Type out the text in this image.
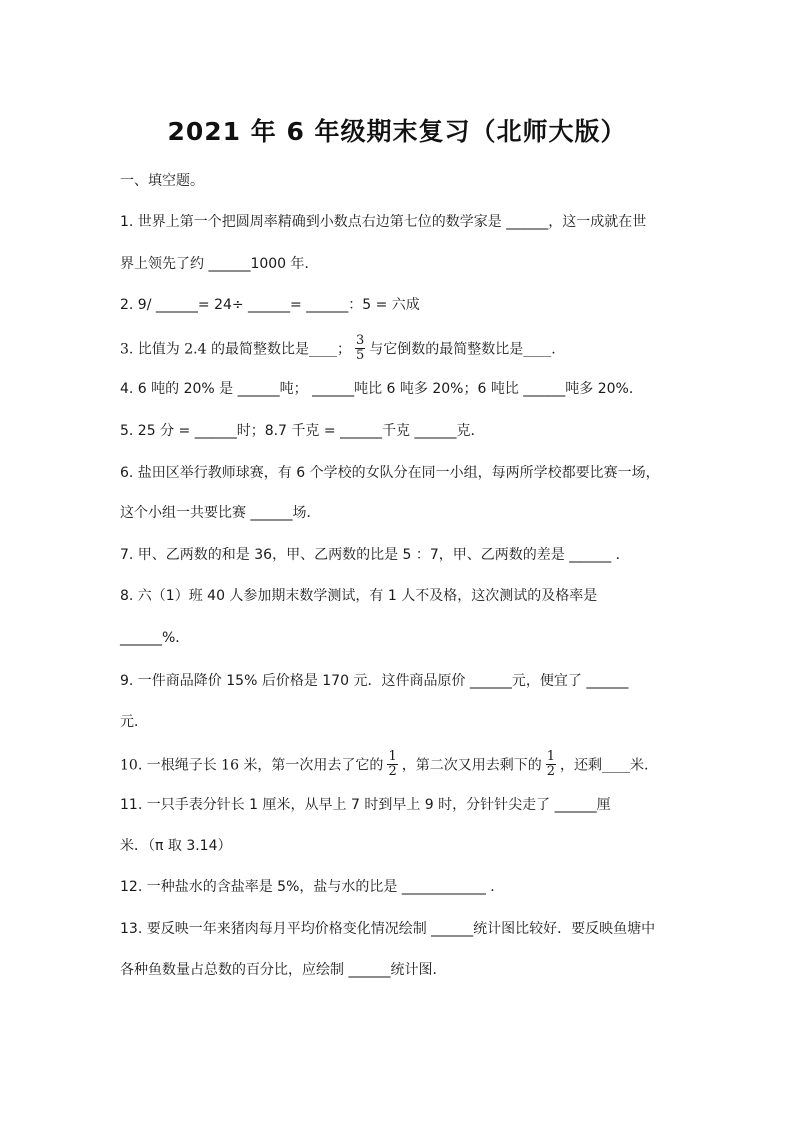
2021 年 6 年级期末复习（北师大版）
一、填空题。
1. 世界上第一个把圆周率精确到小数点右边第七位的数学家是 ______，这一成就在世
界上领先了约 ______1000 年．
2. 9/ ______= 24÷ ______= ______：5 = 六成
3. 比值为 2.4 的最简整数比是____； $\frac{3}{5}$ 与它倒数的最简整数比是____.
4. 6 吨的 20% 是 ______吨； ______吨比 6 吨多 20%；6 吨比 ______吨多 20%．
5. 25 分 = ______时；8.7 千克 = ______千克 ______克．
6. 盐田区举行教师球赛，有 6 个学校的女队分在同一小组，每两所学校都要比赛一场，
这个小组一共要比赛 ______场．
7. 甲、乙两数的和是 36，甲、乙两数的比是 5 ：7，甲、乙两数的差是 ______ ．
8. 六（1）班 40 人参加期末数学测试，有 1 人不及格，这次测试的及格率是
______%．
9. 一件商品降价 15% 后价格是 170 元．这件商品原价 ______元，便宜了 ______
元．
10. 一根绳子长 16 米，第一次用去了它的 $\frac{1}{2}$ ，第二次又用去剩下的 $\frac{1}{2}$ ，还剩____米.
11. 一只手表分针长 1 厘米，从早上 7 时到早上 9 时，分针针尖走了 ______厘
米．（π 取 3.14）
12. 一种盐水的含盐率是 5%，盐与水的比是 ____________ ．
13. 要反映一年来猪肉每月平均价格变化情况绘制 ______统计图比较好．要反映鱼塘中
各种鱼数量占总数的百分比，应绘制 ______统计图．
